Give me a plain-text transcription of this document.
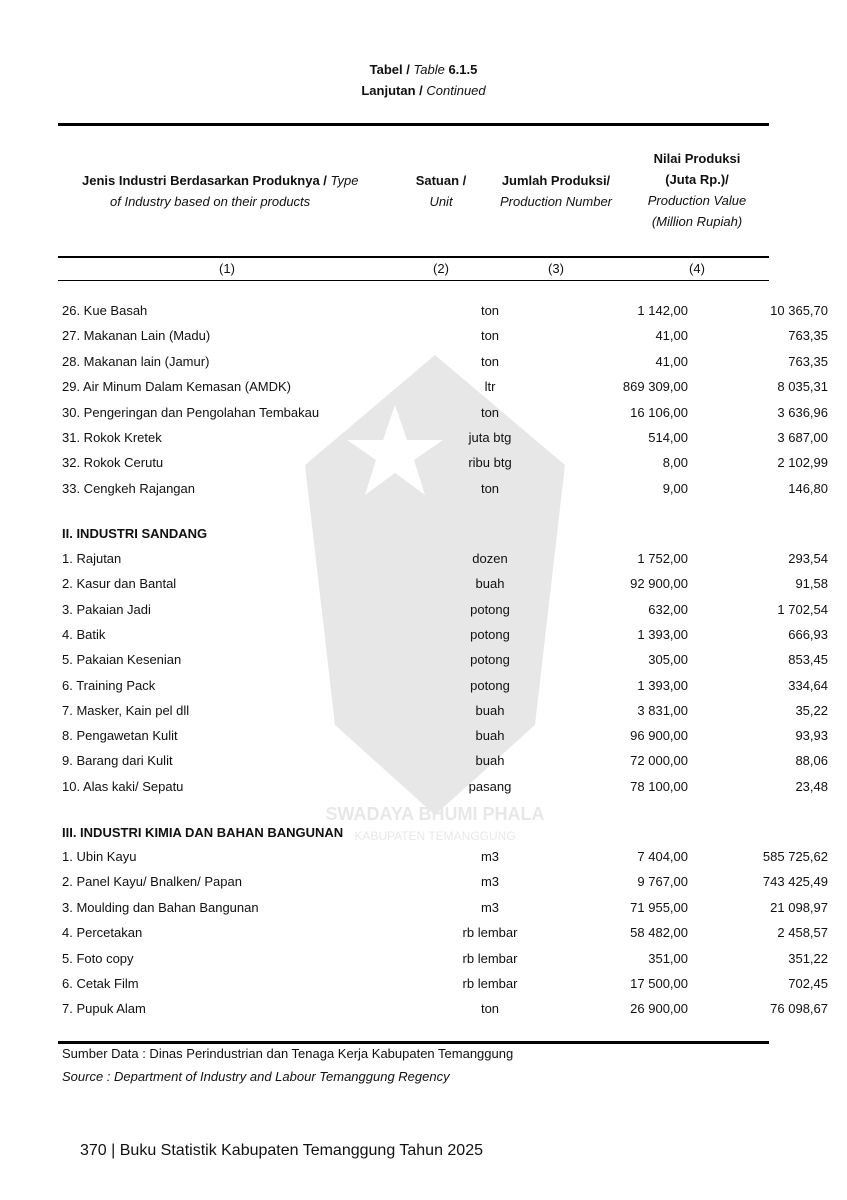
SWADAYA BHUMI PHALA
KABUPATEN TEMANGGUNG
Tabel / Table 6.1.5
Lanjutan / Continued
Jenis Industri Berdasarkan Produknya / Type
of Industry based on their products
Satuan /
Unit
Jumlah Produksi/
Production Number
Nilai Produksi
(Juta Rp.)/
Production Value
(Million Rupiah)
(1)	(2)	(3)	(4)
26. Kue Basah	ton	1 142,00	10 365,70
27. Makanan Lain (Madu)	ton	41,00	763,35
28. Makanan lain (Jamur)	ton	41,00	763,35
29. Air Minum Dalam Kemasan (AMDK)	ltr	869 309,00	8 035,31
30. Pengeringan dan Pengolahan Tembakau	ton	16 106,00	3 636,96
31. Rokok Kretek	juta btg	514,00	3 687,00
32. Rokok Cerutu	ribu btg	8,00	2 102,99
33. Cengkeh Rajangan	ton	9,00	146,80
II. INDUSTRI SANDANG
1. Rajutan	dozen	1 752,00	293,54
2. Kasur dan Bantal	buah	92 900,00	91,58
3. Pakaian Jadi	potong	632,00	1 702,54
4. Batik	potong	1 393,00	666,93
5. Pakaian Kesenian	potong	305,00	853,45
6. Training Pack	potong	1 393,00	334,64
7. Masker, Kain pel dll	buah	3 831,00	35,22
8. Pengawetan Kulit	buah	96 900,00	93,93
9. Barang dari Kulit	buah	72 000,00	88,06
10. Alas kaki/ Sepatu	pasang	78 100,00	23,48
III. INDUSTRI KIMIA DAN BAHAN BANGUNAN
1. Ubin Kayu	m3	7 404,00	585 725,62
2. Panel Kayu/ Bnalken/ Papan	m3	9 767,00	743 425,49
3. Moulding dan Bahan Bangunan	m3	71 955,00	21 098,97
4. Percetakan	rb lembar	58 482,00	2 458,57
5. Foto copy	rb lembar	351,00	351,22
6. Cetak Film	rb lembar	17 500,00	702,45
7. Pupuk Alam	ton	26 900,00	76 098,67
Sumber Data : Dinas Perindustrian dan Tenaga Kerja Kabupaten Temanggung
Source : Department of Industry and Labour Temanggung Regency
370 | Buku Statistik Kabupaten Temanggung Tahun 2025
